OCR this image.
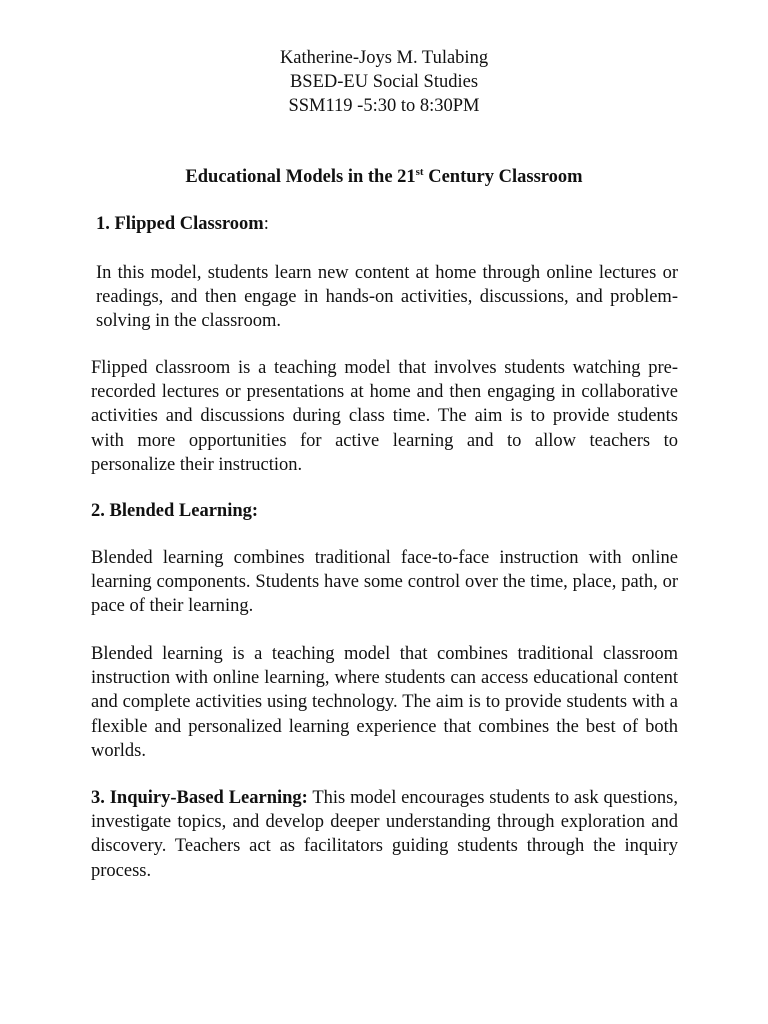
Katherine-Joys M. Tulabing
BSED-EU Social Studies
SSM119 -5:30 to 8:30PM
Educational Models in the 21st Century Classroom
1. Flipped Classroom:
In this model, students learn new content at home through online lectures or readings, and then engage in hands-on activities, discussions, and problem-solving in the classroom.
Flipped classroom is a teaching model that involves students watching pre-recorded lectures or presentations at home and then engaging in collaborative activities and discussions during class time. The aim is to provide students with more opportunities for active learning and to allow teachers to personalize their instruction.
2. Blended Learning:
Blended learning combines traditional face-to-face instruction with online learning components. Students have some control over the time, place, path, or pace of their learning.
Blended learning is a teaching model that combines traditional classroom instruction with online learning, where students can access educational content and complete activities using technology. The aim is to provide students with a flexible and personalized learning experience that combines the best of both worlds.
3. Inquiry-Based Learning: This model encourages students to ask questions, investigate topics, and develop deeper understanding through exploration and discovery. Teachers act as facilitators guiding students through the inquiry process.
